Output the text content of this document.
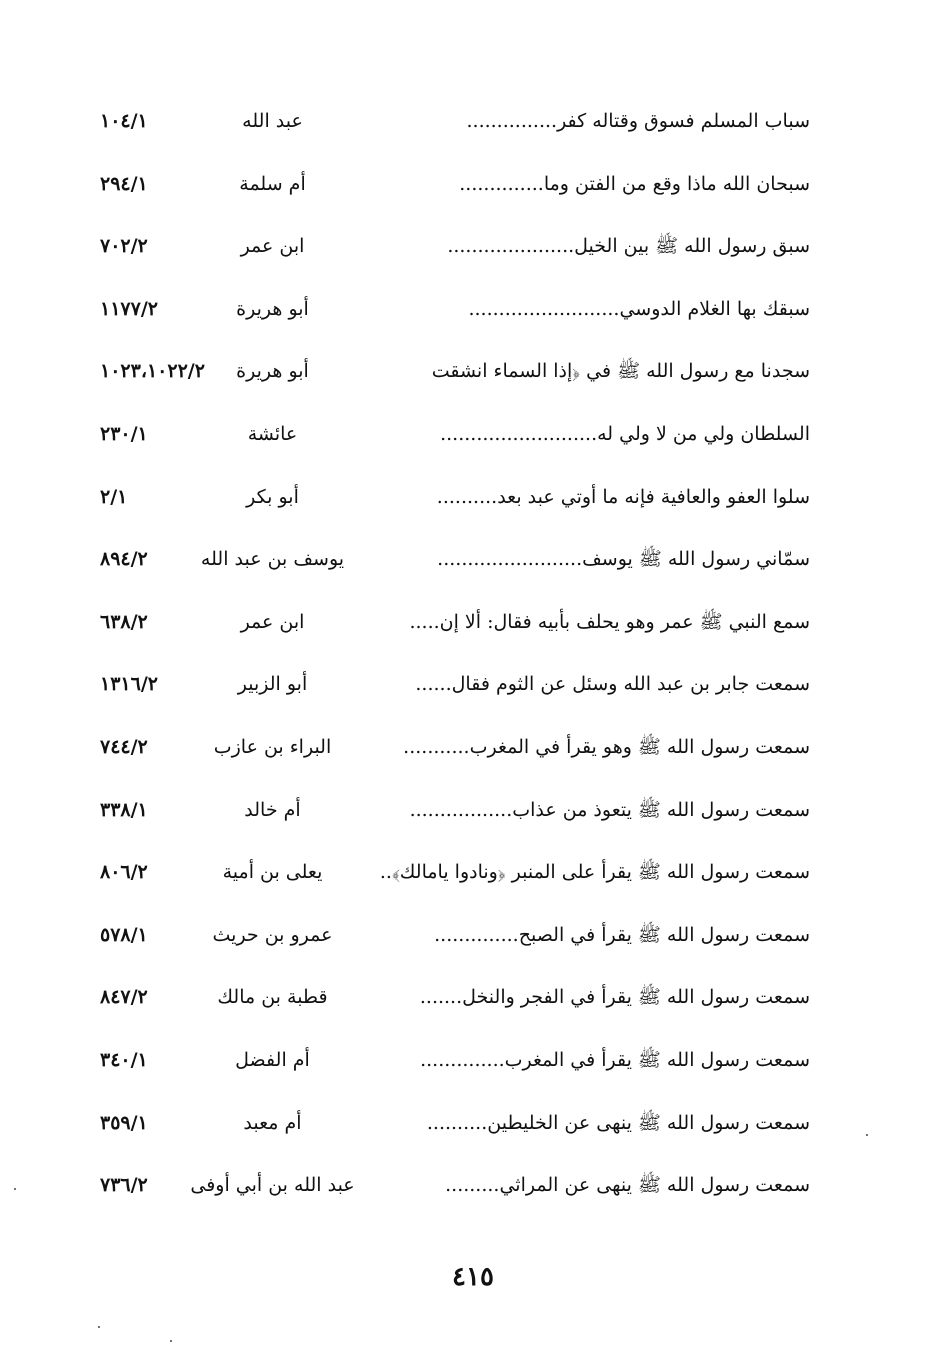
سباب المسلم فسوق وقتاله كفر...............
عبد الله
١٠٤/١
سبحان الله ماذا وقع من الفتن وما..............
أم سلمة
٢٩٤/١
سبق رسول الله ﷺ بين الخيل.....................
ابن عمر
٧٠٢/٢
سبقك بها الغلام الدوسي.........................
أبو هريرة
١١٧٧/٢
سجدنا مع رسول الله ﷺ في ﴿إذا السماء انشقت
أبو هريرة
١٠٢٣،١٠٢٢/٢
السلطان ولي من لا ولي له..........................
عائشة
٢٣٠/١
سلوا العفو والعافية فإنه ما أوتي عبد بعد..........
أبو بكر
٢/١
سمّاني رسول الله ﷺ يوسف........................
يوسف بن عبد الله
٨٩٤/٢
سمع النبي ﷺ عمر وهو يحلف بأبيه فقال: ألا إن.....
ابن عمر
٦٣٨/٢
سمعت جابر بن عبد الله وسئل عن الثوم فقال......
أبو الزبير
١٣١٦/٢
سمعت رسول الله ﷺ وهو يقرأ في المغرب...........
البراء بن عازب
٧٤٤/٢
سمعت رسول الله ﷺ يتعوذ من عذاب.................
أم خالد
٣٣٨/١
سمعت رسول الله ﷺ يقرأ على المنبر ﴿ونادوا يامالك﴾..
يعلى بن أمية
٨٠٦/٢
سمعت رسول الله ﷺ يقرأ في الصبح..............
عمرو بن حريث
٥٧٨/١
سمعت رسول الله ﷺ يقرأ في الفجر والنخل.......
قطبة بن مالك
٨٤٧/٢
سمعت رسول الله ﷺ يقرأ في المغرب..............
أم الفضل
٣٤٠/١
سمعت رسول الله ﷺ ينهى عن الخليطين..........
أم معبد
٣٥٩/١
سمعت رسول الله ﷺ ينهى عن المراثي.........
عبد الله بن أبي أوفى
٧٣٦/٢
٤١٥
